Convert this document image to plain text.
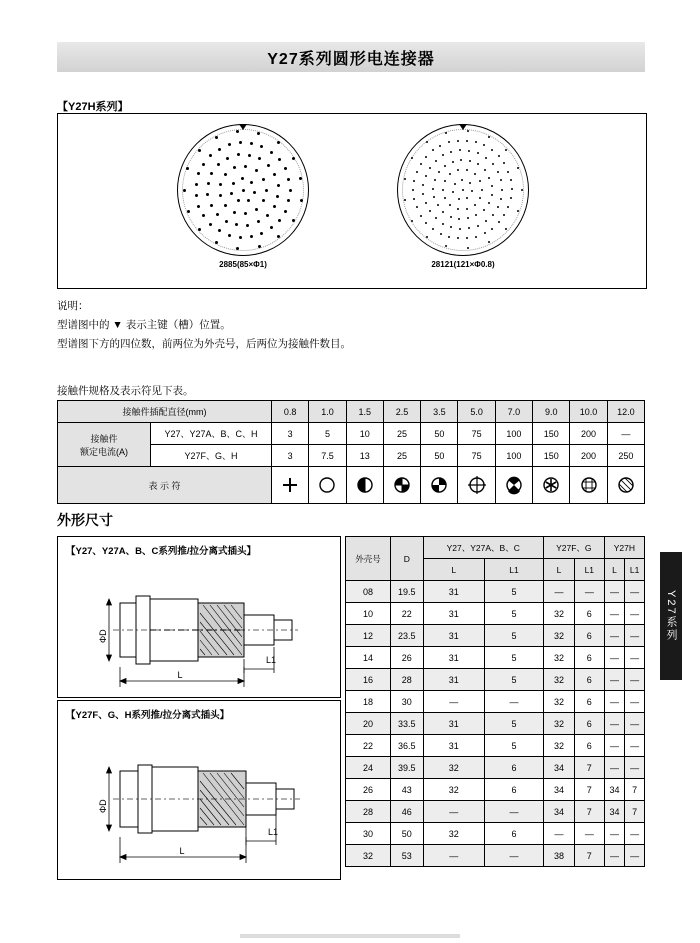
Y27系列圆形电连接器
【Y27H系列】
2885(85×Φ1)	28121(121×Φ0.8)
说明：
型谱图中的 ▼ 表示主键（槽）位置。
型谱图下方的四位数，前两位为外壳号，后两位为接触件数目。
接触件规格及表示符见下表。
接触件插配直径(mm)		0.8	1.0	1.5	2.5	3.5	5.0	7.0	9.0	10.0	12.0

接触件
额定电流(A)	Y27、Y27A、B、C、H	3	5	10	25	50	75	100	150	200	—
	Y27F、G、H	3	7.5	13	25	50	75	100	150	200	250
表 示 符										
外形尺寸
【Y27、Y27A、B、C系列推/拉分离式插头】
L
L1
ΦD
【Y27F、G、H系列推/拉分离式插头】
L
L1
ΦD
外壳号	D	Y27、Y27A、B、C		Y27F、G		Y27H	
		L	L1	L	L1	L	L1
08	19.5	31	5	—	—	—	—
10	22	31	5	32	6	—	—
12	23.5	31	5	32	6	—	—
14	26	31	5	32	6	—	—
16	28	31	5	32	6	—	—
18	30	—	—	32	6	—	—
20	33.5	31	5	32	6	—	—
22	36.5	31	5	32	6	—	—
24	39.5	32	6	34	7	—	—
26	43	32	6	34	7	34	7
28	46	—	—	34	7	34	7
30	50	32	6	—	—	—	—
32	53	—	—	38	7	—	—
Y27系列
